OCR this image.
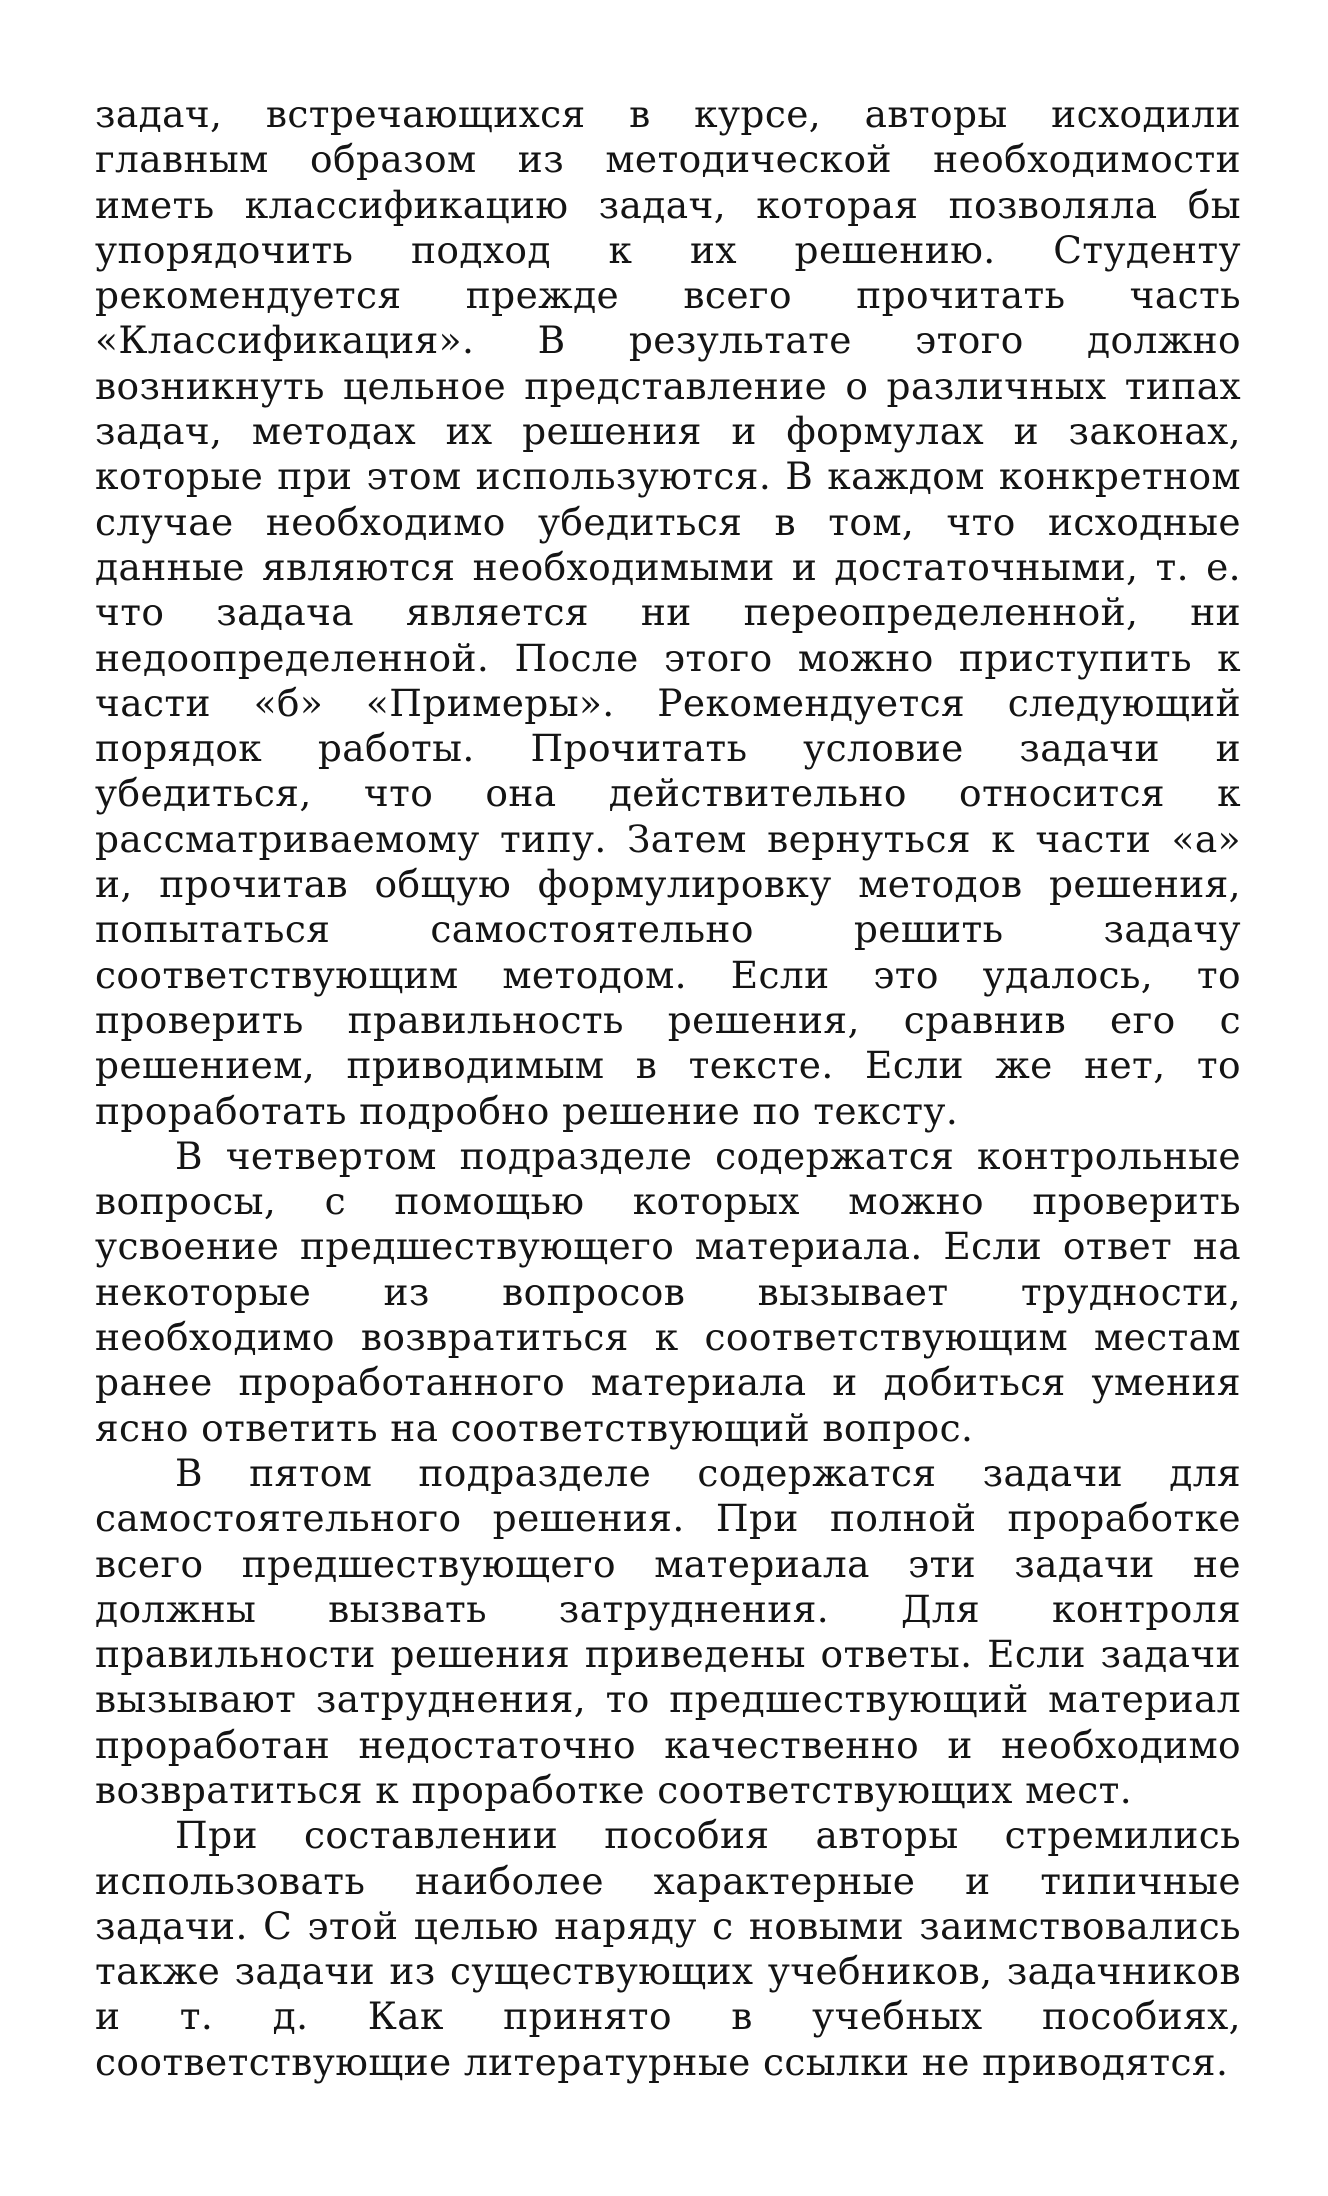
задач, встречающихся в курсе, авторы исходили главным образом из методической необходимости иметь классификацию задач, которая позволяла бы упорядочить подход к их решению. Студенту рекомендуется прежде всего прочитать часть «Классификация». В результате этого должно возникнуть цельное представление о различных типах задач, методах их решения и формулах и законах, которые при этом используются. В каждом конкретном случае необходимо убедиться в том, что исходные данные являются необходимыми и достаточными, т. е. что задача является ни переопределенной, ни недоопределенной. После этого можно приступить к части «б» «Примеры». Рекомендуется следующий порядок работы. Прочитать условие задачи и убедиться, что она действительно относится к рассматриваемому типу. Затем вернуться к части «а» и, прочитав общую формулировку методов решения, попытаться самостоятельно решить задачу соответствующим методом. Если это удалось, то проверить правильность решения, сравнив его с решением, приводимым в тексте. Если же нет, то проработать подробно решение по тексту.

В четвертом подразделе содержатся контрольные вопросы, с помощью которых можно проверить усвоение предшествующего материала. Если ответ на некоторые из вопросов вызывает трудности, необходимо возвратиться к соответствующим местам ранее проработанного материала и добиться умения ясно ответить на соответствующий вопрос.

В пятом подразделе содержатся задачи для самостоятельного решения. При полной проработке всего предшествующего материала эти задачи не должны вызвать затруднения. Для контроля правильности решения приведены ответы. Если задачи вызывают затруднения, то предшествующий материал проработан недостаточно качественно и необходимо возвратиться к проработке соответствующих мест.

При составлении пособия авторы стремились использовать наиболее характерные и типичные задачи. С этой целью наряду с новыми заимствовались также задачи из существующих учебников, задачников и т. д. Как принято в учебных пособиях, соответствующие литературные ссылки не приводятся.
